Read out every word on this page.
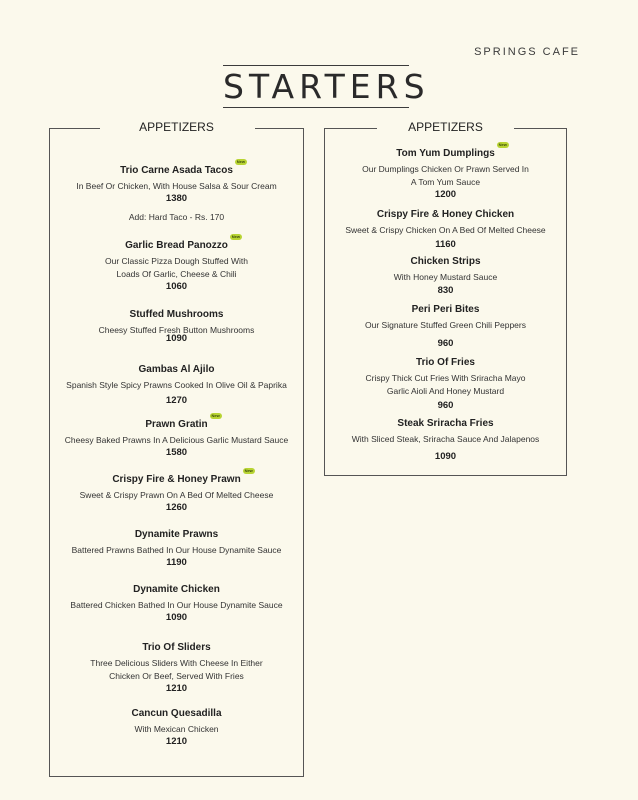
SPRINGS CAFE
STARTERS
APPETIZERS
Trio Carne Asada Tacos
New
In Beef Or Chicken, With House Salsa & Sour Cream
1380
Add: Hard Taco - Rs. 170
Garlic Bread Panozzo
New
Our Classic Pizza Dough Stuffed With
Loads Of Garlic, Cheese & Chili
1060
Stuffed Mushrooms
Cheesy Stuffed Fresh Button Mushrooms
1090
Gambas Al Ajilo
Spanish Style Spicy Prawns Cooked In Olive Oil & Paprika
1270
Prawn Gratin
New
Cheesy Baked Prawns In A Delicious Garlic Mustard Sauce
1580
Crispy Fire & Honey Prawn
New
Sweet & Crispy Prawn On A Bed Of Melted Cheese
1260
Dynamite Prawns
Battered Prawns Bathed In Our House Dynamite Sauce
1190
Dynamite Chicken
Battered Chicken Bathed In Our House Dynamite Sauce
1090
Trio Of Sliders
Three Delicious Sliders With Cheese In Either
Chicken Or Beef, Served With Fries
1210
Cancun Quesadilla
With Mexican Chicken
1210
APPETIZERS
Tom Yum Dumplings
New
Our Dumplings Chicken Or Prawn Served In
A Tom Yum Sauce
1200
Crispy Fire & Honey Chicken
Sweet & Crispy Chicken On A Bed Of Melted Cheese
1160
Chicken Strips
With Honey Mustard Sauce
830
Peri Peri Bites
Our Signature Stuffed Green Chili Peppers
960
Trio Of Fries
Crispy Thick Cut Fries With Sriracha Mayo
Garlic Aioli And Honey Mustard
960
Steak Sriracha Fries
With Sliced Steak, Sriracha Sauce And Jalapenos
1090
